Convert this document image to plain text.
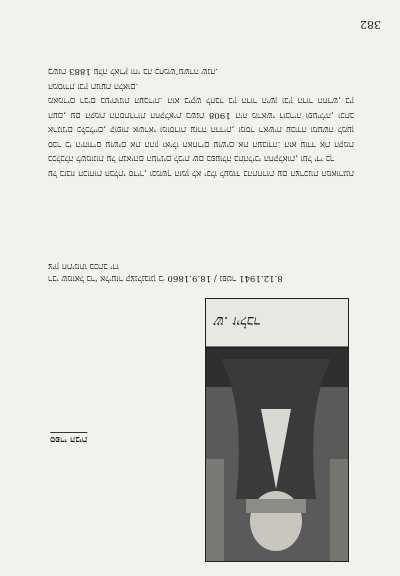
382

על בזבוז הכוחות הבלתי סדיר, ובמשך הזמן לא יכלו לעמוד בהתחרות עם הצרכנות המאורגנת בכלכלה לשמונות על תנאיהם העוינים לבית שם בפעולה בתהליכי החקלאות, ועל ידי כך

סבר כי היהודים עושים את ההון ואילו האחרים עושים את העבודה. הוא עודד את הקמת ארגונים כלכליים, קופות אשראי ומוסדות עזרה הדדית, ומסר ראשית עבודה ומעשה למען העם, עם הקמת ההסתדרות החקלאית בשנת 1908 היה מראשי דובריה ופעיליה, וכתב מאמרים רבים בעיתונות העברית. הוא ביקש לחבר בין הדור הישן ובין הדור החדש, בין המסורת ובין תנועת הלאום.

בשנת 1883 עלה לארץ וחי בה כחמש־עשרה שנה.

רבי שמואל בר' אליעזר קצנלנבוגן ב׳ 18.9.1860 / נפטר 8.12.1941

ציון חתימתו בכתב ידו

ספרי הבית
ש. זילבר
